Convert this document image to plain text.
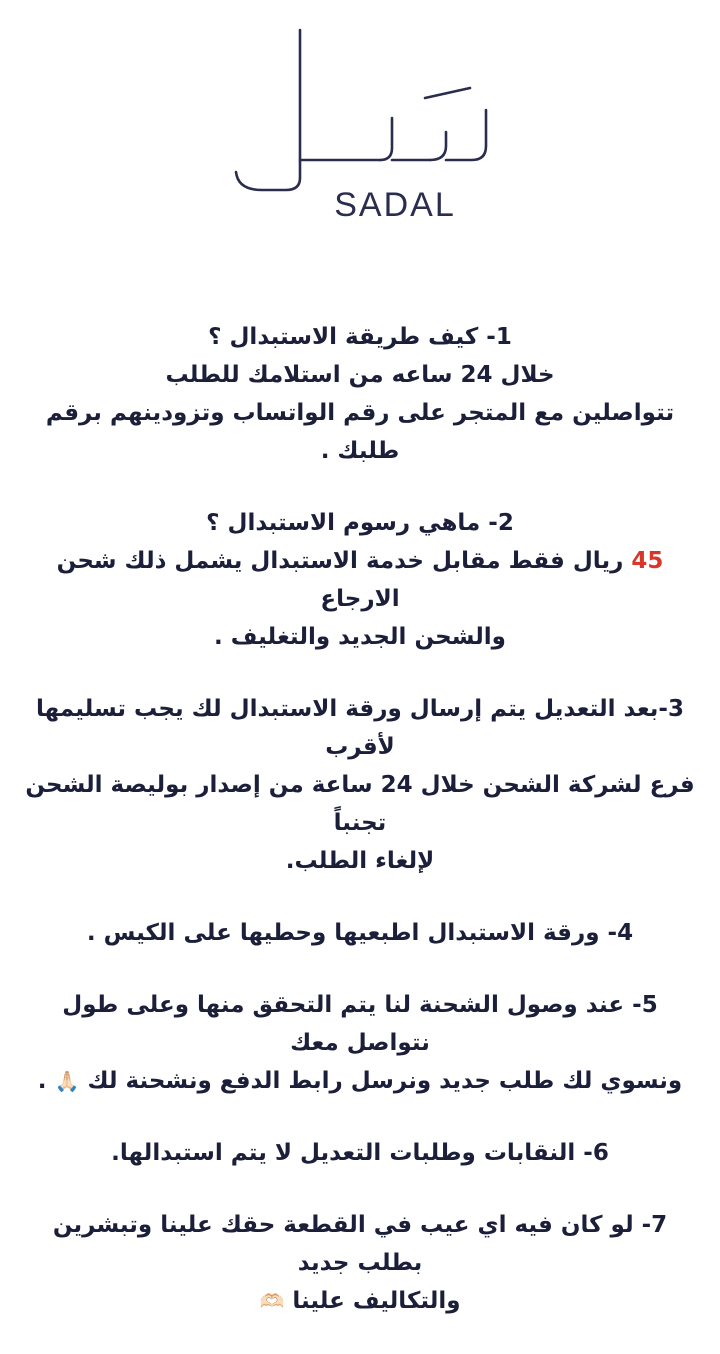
SADAL

1- كيف طريقة الاستبدال ؟

خلال 24 ساعه من استلامك للطلب

تتواصلين مع المتجر على رقم الواتساب وتزودينهم برقم طلبك .

2- ماهي رسوم الاستبدال ؟

45 ريال فقط مقابل خدمة الاستبدال يشمل ذلك شحن الارجاع

والشحن الجديد والتغليف .

3-بعد التعديل يتم إرسال ورقة الاستبدال لك يجب تسليمها لأقرب

فرع لشركة الشحن خلال 24 ساعة من إصدار بوليصة الشحن تجنباً

لإلغاء الطلب.

4- ورقة الاستبدال اطبعيها وحطيها على الكيس .

5- عند وصول الشحنة لنا يتم التحقق منها وعلى طول نتواصل معك

ونسوي لك طلب جديد ونرسل رابط الدفع ونشحنة لك 🙏🏻 .

6- النقابات وطلبات التعديل لا يتم استبدالها.

7- لو كان فيه اي عيب في القطعة حقك علينا وتبشرين بطلب جديد

والتكاليف علينا 🫶🏻
